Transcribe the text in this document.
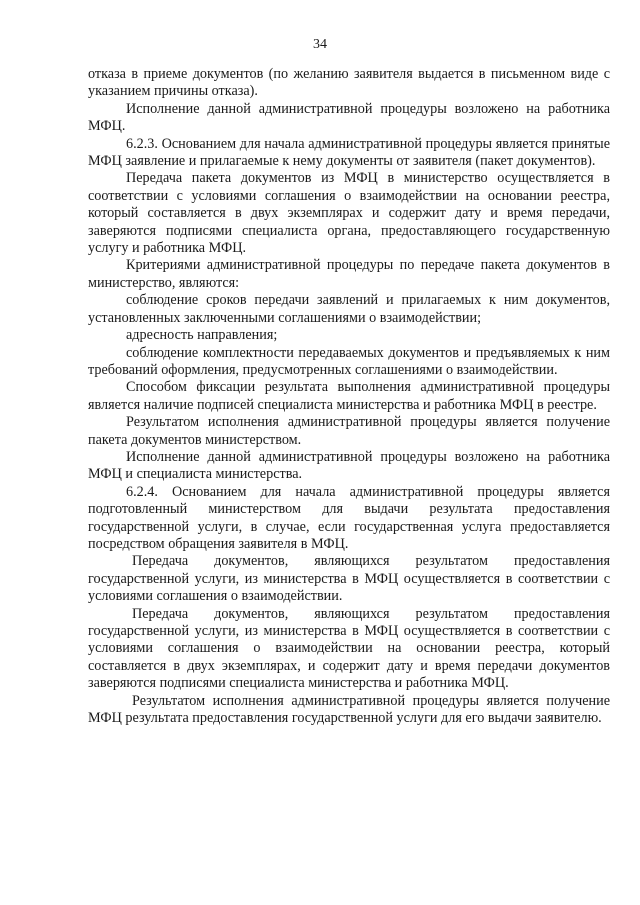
34

отказа в приеме документов (по желанию заявителя выдается в письменном виде с указанием причины отказа).

Исполнение данной административной процедуры возложено на работника МФЦ.

6.2.3. Основанием для начала административной процедуры является принятые МФЦ заявление и прилагаемые к нему документы от заявителя (пакет документов).

Передача пакета документов из МФЦ в министерство осуществляется в соответствии с условиями соглашения о взаимодействии на основании реестра, который составляется в двух экземплярах и содержит дату и время передачи, заверяются подписями специалиста органа, предоставляющего государственную услугу и работника МФЦ.

Критериями административной процедуры по передаче пакета документов в министерство, являются:

соблюдение сроков передачи заявлений и прилагаемых к ним документов, установленных заключенными соглашениями о взаимодействии;

адресность направления;

соблюдение комплектности передаваемых документов и предъявляемых к ним требований оформления, предусмотренных соглашениями о взаимодействии.

Способом фиксации результата выполнения административной процедуры является наличие подписей специалиста министерства и работника МФЦ в реестре.

Результатом исполнения административной процедуры является получение пакета документов министерством.

Исполнение данной административной процедуры возложено на работника МФЦ и специалиста министерства.

6.2.4. Основанием для начала административной процедуры является подготовленный министерством для выдачи результата предоставления государственной услуги, в случае, если государственная услуга предоставляется посредством обращения заявителя в МФЦ.

Передача документов, являющихся результатом предоставления государственной услуги, из министерства в МФЦ осуществляется в соответствии с условиями соглашения о взаимодействии.

Передача документов, являющихся результатом предоставления государственной услуги, из министерства в МФЦ осуществляется в соответствии с условиями соглашения о взаимодействии на основании реестра, который составляется в двух экземплярах, и содержит дату и время передачи документов заверяются подписями специалиста министерства и работника МФЦ.

Результатом исполнения административной процедуры является получение МФЦ результата предоставления государственной услуги для его выдачи заявителю.
